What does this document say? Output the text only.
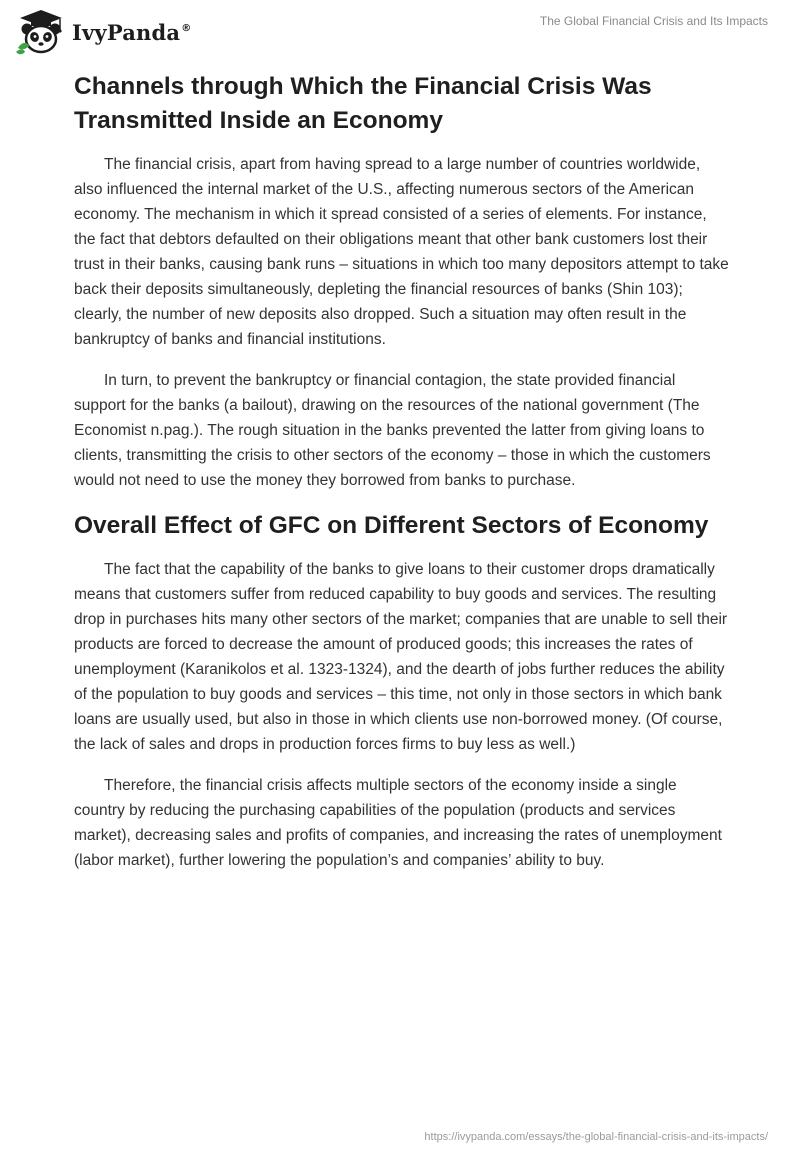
IvyPanda®	The Global Financial Crisis and Its Impacts
Channels through Which the Financial Crisis Was Transmitted Inside an Economy

The financial crisis, apart from having spread to a large number of countries worldwide, also influenced the internal market of the U.S., affecting numerous sectors of the American economy. The mechanism in which it spread consisted of a series of elements. For instance, the fact that debtors defaulted on their obligations meant that other bank customers lost their trust in their banks, causing bank runs – situations in which too many depositors attempt to take back their deposits simultaneously, depleting the financial resources of banks (Shin 103); clearly, the number of new deposits also dropped. Such a situation may often result in the bankruptcy of banks and financial institutions.

In turn, to prevent the bankruptcy or financial contagion, the state provided financial support for the banks (a bailout), drawing on the resources of the national government (The Economist n.pag.). The rough situation in the banks prevented the latter from giving loans to clients, transmitting the crisis to other sectors of the economy – those in which the customers would not need to use the money they borrowed from banks to purchase.

Overall Effect of GFC on Different Sectors of Economy

The fact that the capability of the banks to give loans to their customer drops dramatically means that customers suffer from reduced capability to buy goods and services. The resulting drop in purchases hits many other sectors of the market; companies that are unable to sell their products are forced to decrease the amount of produced goods; this increases the rates of unemployment (Karanikolos et al. 1323-1324), and the dearth of jobs further reduces the ability of the population to buy goods and services – this time, not only in those sectors in which bank loans are usually used, but also in those in which clients use non-borrowed money. (Of course, the lack of sales and drops in production forces firms to buy less as well.)

Therefore, the financial crisis affects multiple sectors of the economy inside a single country by reducing the purchasing capabilities of the population (products and services market), decreasing sales and profits of companies, and increasing the rates of unemployment (labor market), further lowering the population’s and companies’ ability to buy.

https://ivypanda.com/essays/the-global-financial-crisis-and-its-impacts/
